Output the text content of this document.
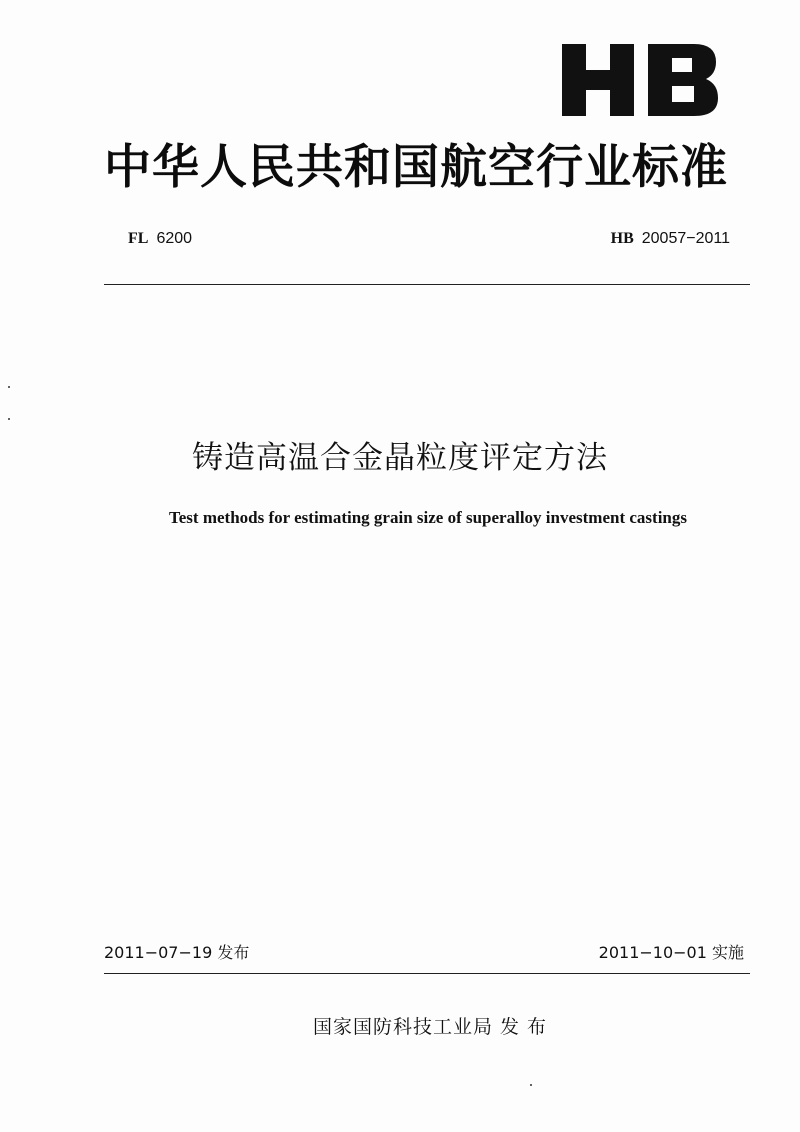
中华人民共和国航空行业标准
FL 6200	HB 20057−2011
铸造高温合金晶粒度评定方法
Test methods for estimating grain size of superalloy investment castings
2011−07−19 发布	2011−10−01 实施
国家国防科技工业局 发 布
